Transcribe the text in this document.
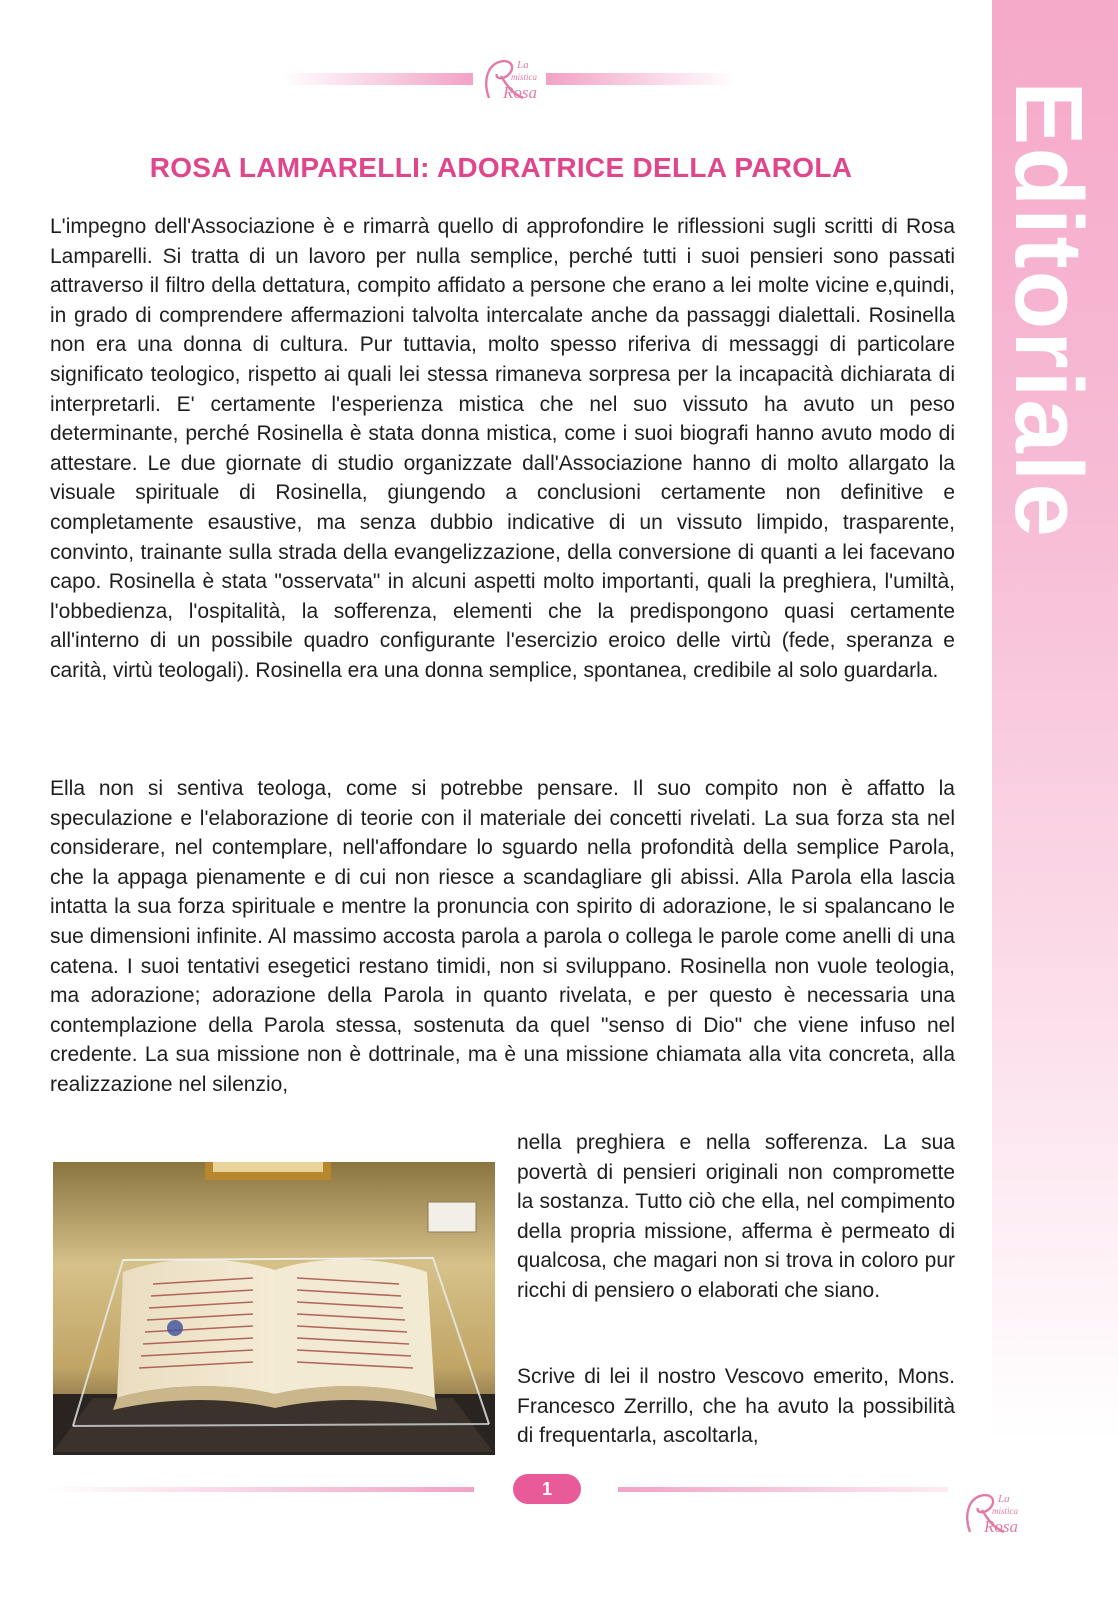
Editoriale
La
mistica
Rosa
ROSA LAMPARELLI: ADORATRICE DELLA PAROLA

L'impegno dell'Associazione è e rimarrà quello di approfondire le riflessioni sugli scritti di Rosa Lamparelli. Si tratta di un lavoro per nulla semplice, perché tutti i suoi pensieri sono passati attraverso il filtro della dettatura, compito affidato a persone che erano a lei molte vicine e,quindi, in grado di comprendere affermazioni talvolta intercalate anche da passaggi dialettali. Rosinella non era una donna di cultura. Pur tuttavia, molto spesso riferiva di messaggi di particolare significato teologico, rispetto ai quali lei stessa rimaneva sorpresa per la incapacità dichiarata di interpretarli. E' certamente l'esperienza mistica che nel suo vissuto ha avuto un peso determinante, perché Rosinella è stata donna mistica, come i suoi biografi hanno avuto modo di attestare. Le due giornate di studio organizzate dall'Associazione hanno di molto allargato la visuale spirituale di Rosinella, giungendo a conclusioni certamente non definitive e completamente esaustive, ma senza dubbio indicative di un vissuto limpido, trasparente, convinto, trainante sulla strada della evangelizzazione, della conversione di quanti a lei facevano capo. Rosinella è stata "osservata" in alcuni aspetti molto importanti, quali la preghiera, l'umiltà, l'obbedienza, l'ospitalità, la sofferenza, elementi che la predispongono quasi certamente all'interno di un possibile quadro configurante l'esercizio eroico delle virtù (fede, speranza e carità, virtù teologali). Rosinella era una donna semplice, spontanea, credibile al solo guardarla.

Ella non si sentiva teologa, come si potrebbe pensare. Il suo compito non è affatto la speculazione e l'elaborazione di teorie con il materiale dei concetti rivelati. La sua forza sta nel considerare, nel contemplare, nell'affondare lo sguardo nella profondità della semplice Parola, che la appaga pienamente e di cui non riesce a scandagliare gli abissi. Alla Parola ella lascia intatta la sua forza spirituale e mentre la pronuncia con spirito di adorazione, le si spalancano le sue dimensioni infinite. Al massimo accosta parola a parola o collega le parole come anelli di una catena. I suoi tentativi esegetici restano timidi, non si sviluppano. Rosinella non vuole teologia, ma adorazione; adorazione della Parola in quanto rivelata, e per questo è necessaria una contemplazione della Parola stessa, sostenuta da quel "senso di Dio" che viene infuso nel credente. La sua missione non è dottrinale, ma è una missione chiamata alla vita concreta, alla realizzazione nel silenzio,

nella preghiera e nella sofferenza. La sua povertà di pensieri originali non compromette la sostanza. Tutto ciò che ella, nel compimento della propria missione, afferma è permeato di qualcosa, che magari non si trova in coloro pur ricchi di pensiero o elaborati che siano.

Scrive di lei il nostro Vescovo emerito, Mons. Francesco Zerrillo, che ha avuto la possibilità di frequentarla, ascoltarla,

1	La
mistica
Rosa
